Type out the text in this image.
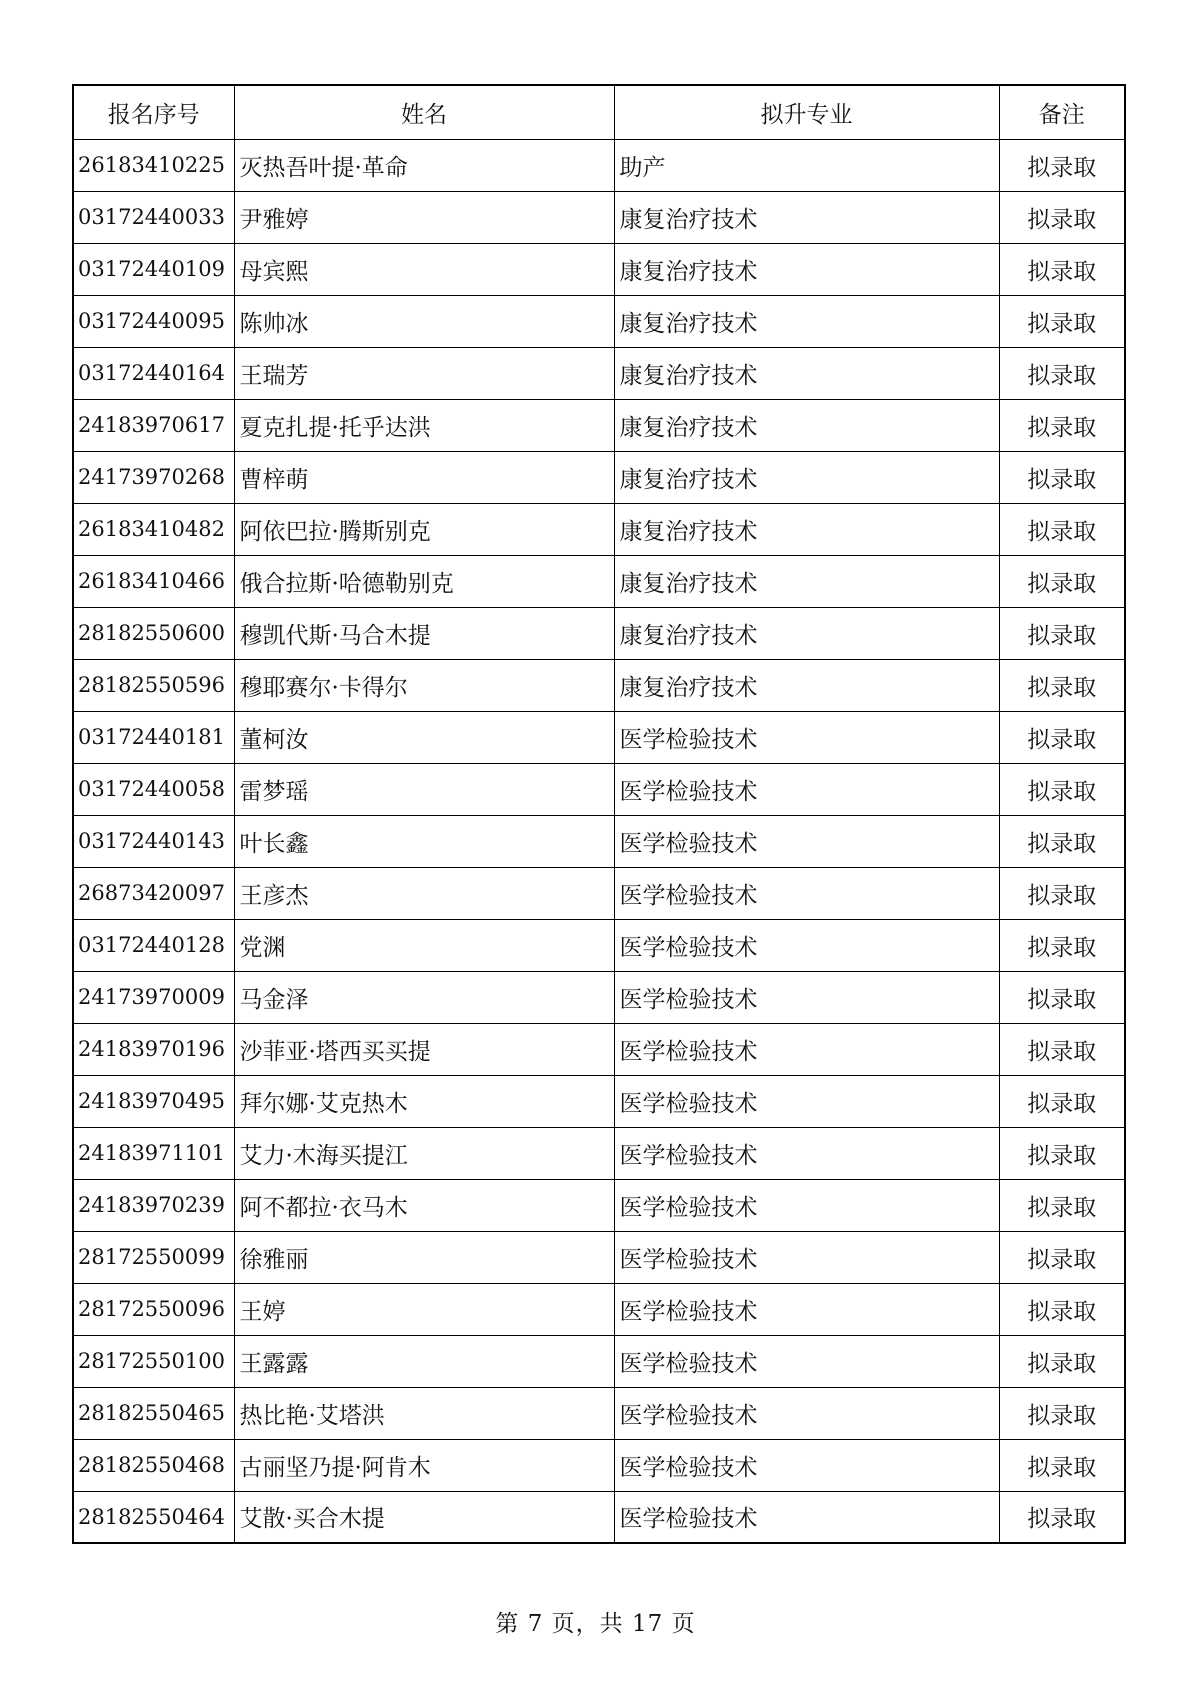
报名序号	姓名	拟升专业	备注
26183410225	灭热吾叶提·革命	助产	拟录取
03172440033	尹雅婷	康复治疗技术	拟录取
03172440109	母宾熙	康复治疗技术	拟录取
03172440095	陈帅冰	康复治疗技术	拟录取
03172440164	王瑞芳	康复治疗技术	拟录取
24183970617	夏克扎提·托乎达洪	康复治疗技术	拟录取
24173970268	曹梓萌	康复治疗技术	拟录取
26183410482	阿依巴拉·腾斯别克	康复治疗技术	拟录取
26183410466	俄合拉斯·哈德勒别克	康复治疗技术	拟录取
28182550600	穆凯代斯·马合木提	康复治疗技术	拟录取
28182550596	穆耶赛尔·卡得尔	康复治疗技术	拟录取
03172440181	董柯汝	医学检验技术	拟录取
03172440058	雷梦瑶	医学检验技术	拟录取
03172440143	叶长鑫	医学检验技术	拟录取
26873420097	王彦杰	医学检验技术	拟录取
03172440128	党渊	医学检验技术	拟录取
24173970009	马金泽	医学检验技术	拟录取
24183970196	沙菲亚·塔西买买提	医学检验技术	拟录取
24183970495	拜尔娜·艾克热木	医学检验技术	拟录取
24183971101	艾力·木海买提江	医学检验技术	拟录取
24183970239	阿不都拉·衣马木	医学检验技术	拟录取
28172550099	徐雅丽	医学检验技术	拟录取
28172550096	王婷	医学检验技术	拟录取
28172550100	王露露	医学检验技术	拟录取
28182550465	热比艳·艾塔洪	医学检验技术	拟录取
28182550468	古丽坚乃提·阿肯木	医学检验技术	拟录取
28182550464	艾散·买合木提	医学检验技术	拟录取
第 7 页，共 17 页
